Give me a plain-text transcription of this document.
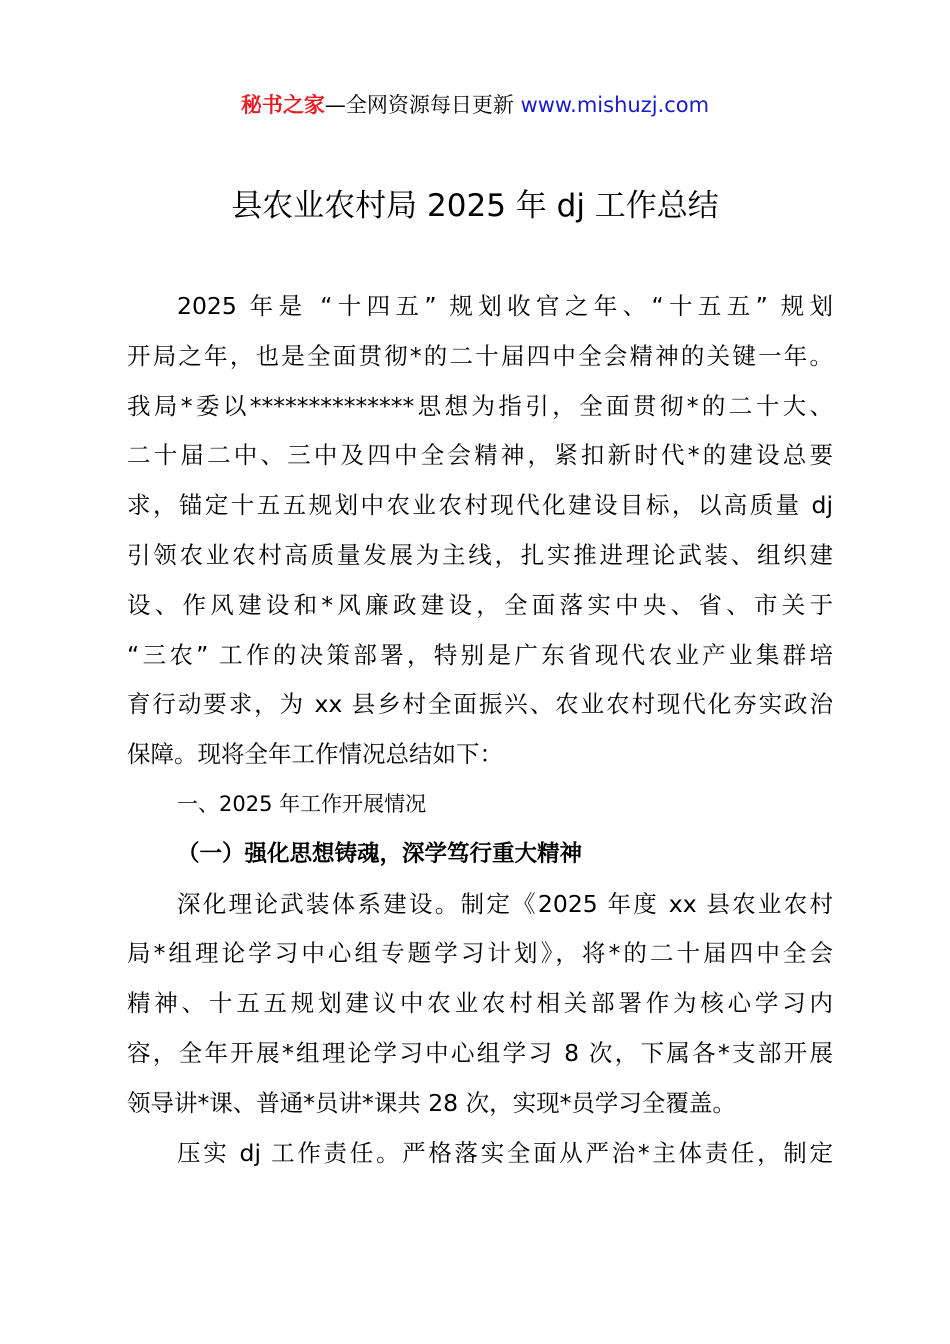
秘书之家—全网资源每日更新 www.mishuzj.com
县农业农村局 2025 年 dj 工作总结
2025 年是 “十四五” 规划收官之年、“十五五” 规划
开局之年，也是全面贯彻*的二十届四中全会精神的关键一年。
我局*委以**************思想为指引，全面贯彻*的二十大、
二十届二中、三中及四中全会精神，紧扣新时代*的建设总要
求，锚定十五五规划中农业农村现代化建设目标，以高质量 dj
引领农业农村高质量发展为主线，扎实推进理论武装、组织建
设、作风建设和*风廉政建设，全面落实中央、省、市关于
“三农” 工作的决策部署，特别是广东省现代农业产业集群培
育行动要求，为 xx 县乡村全面振兴、农业农村现代化夯实政治
保障。现将全年工作情况总结如下：
一、2025 年工作开展情况
（一）强化思想铸魂，深学笃行重大精神
深化理论武装体系建设。制定《2025 年度 xx 县农业农村
局*组理论学习中心组专题学习计划》，将*的二十届四中全会
精神、十五五规划建议中农业农村相关部署作为核心学习内
容，全年开展*组理论学习中心组学习 8 次，下属各*支部开展
领导讲*课、普通*员讲*课共 28 次，实现*员学习全覆盖。
压实 dj 工作责任。严格落实全面从严治*主体责任，制定
